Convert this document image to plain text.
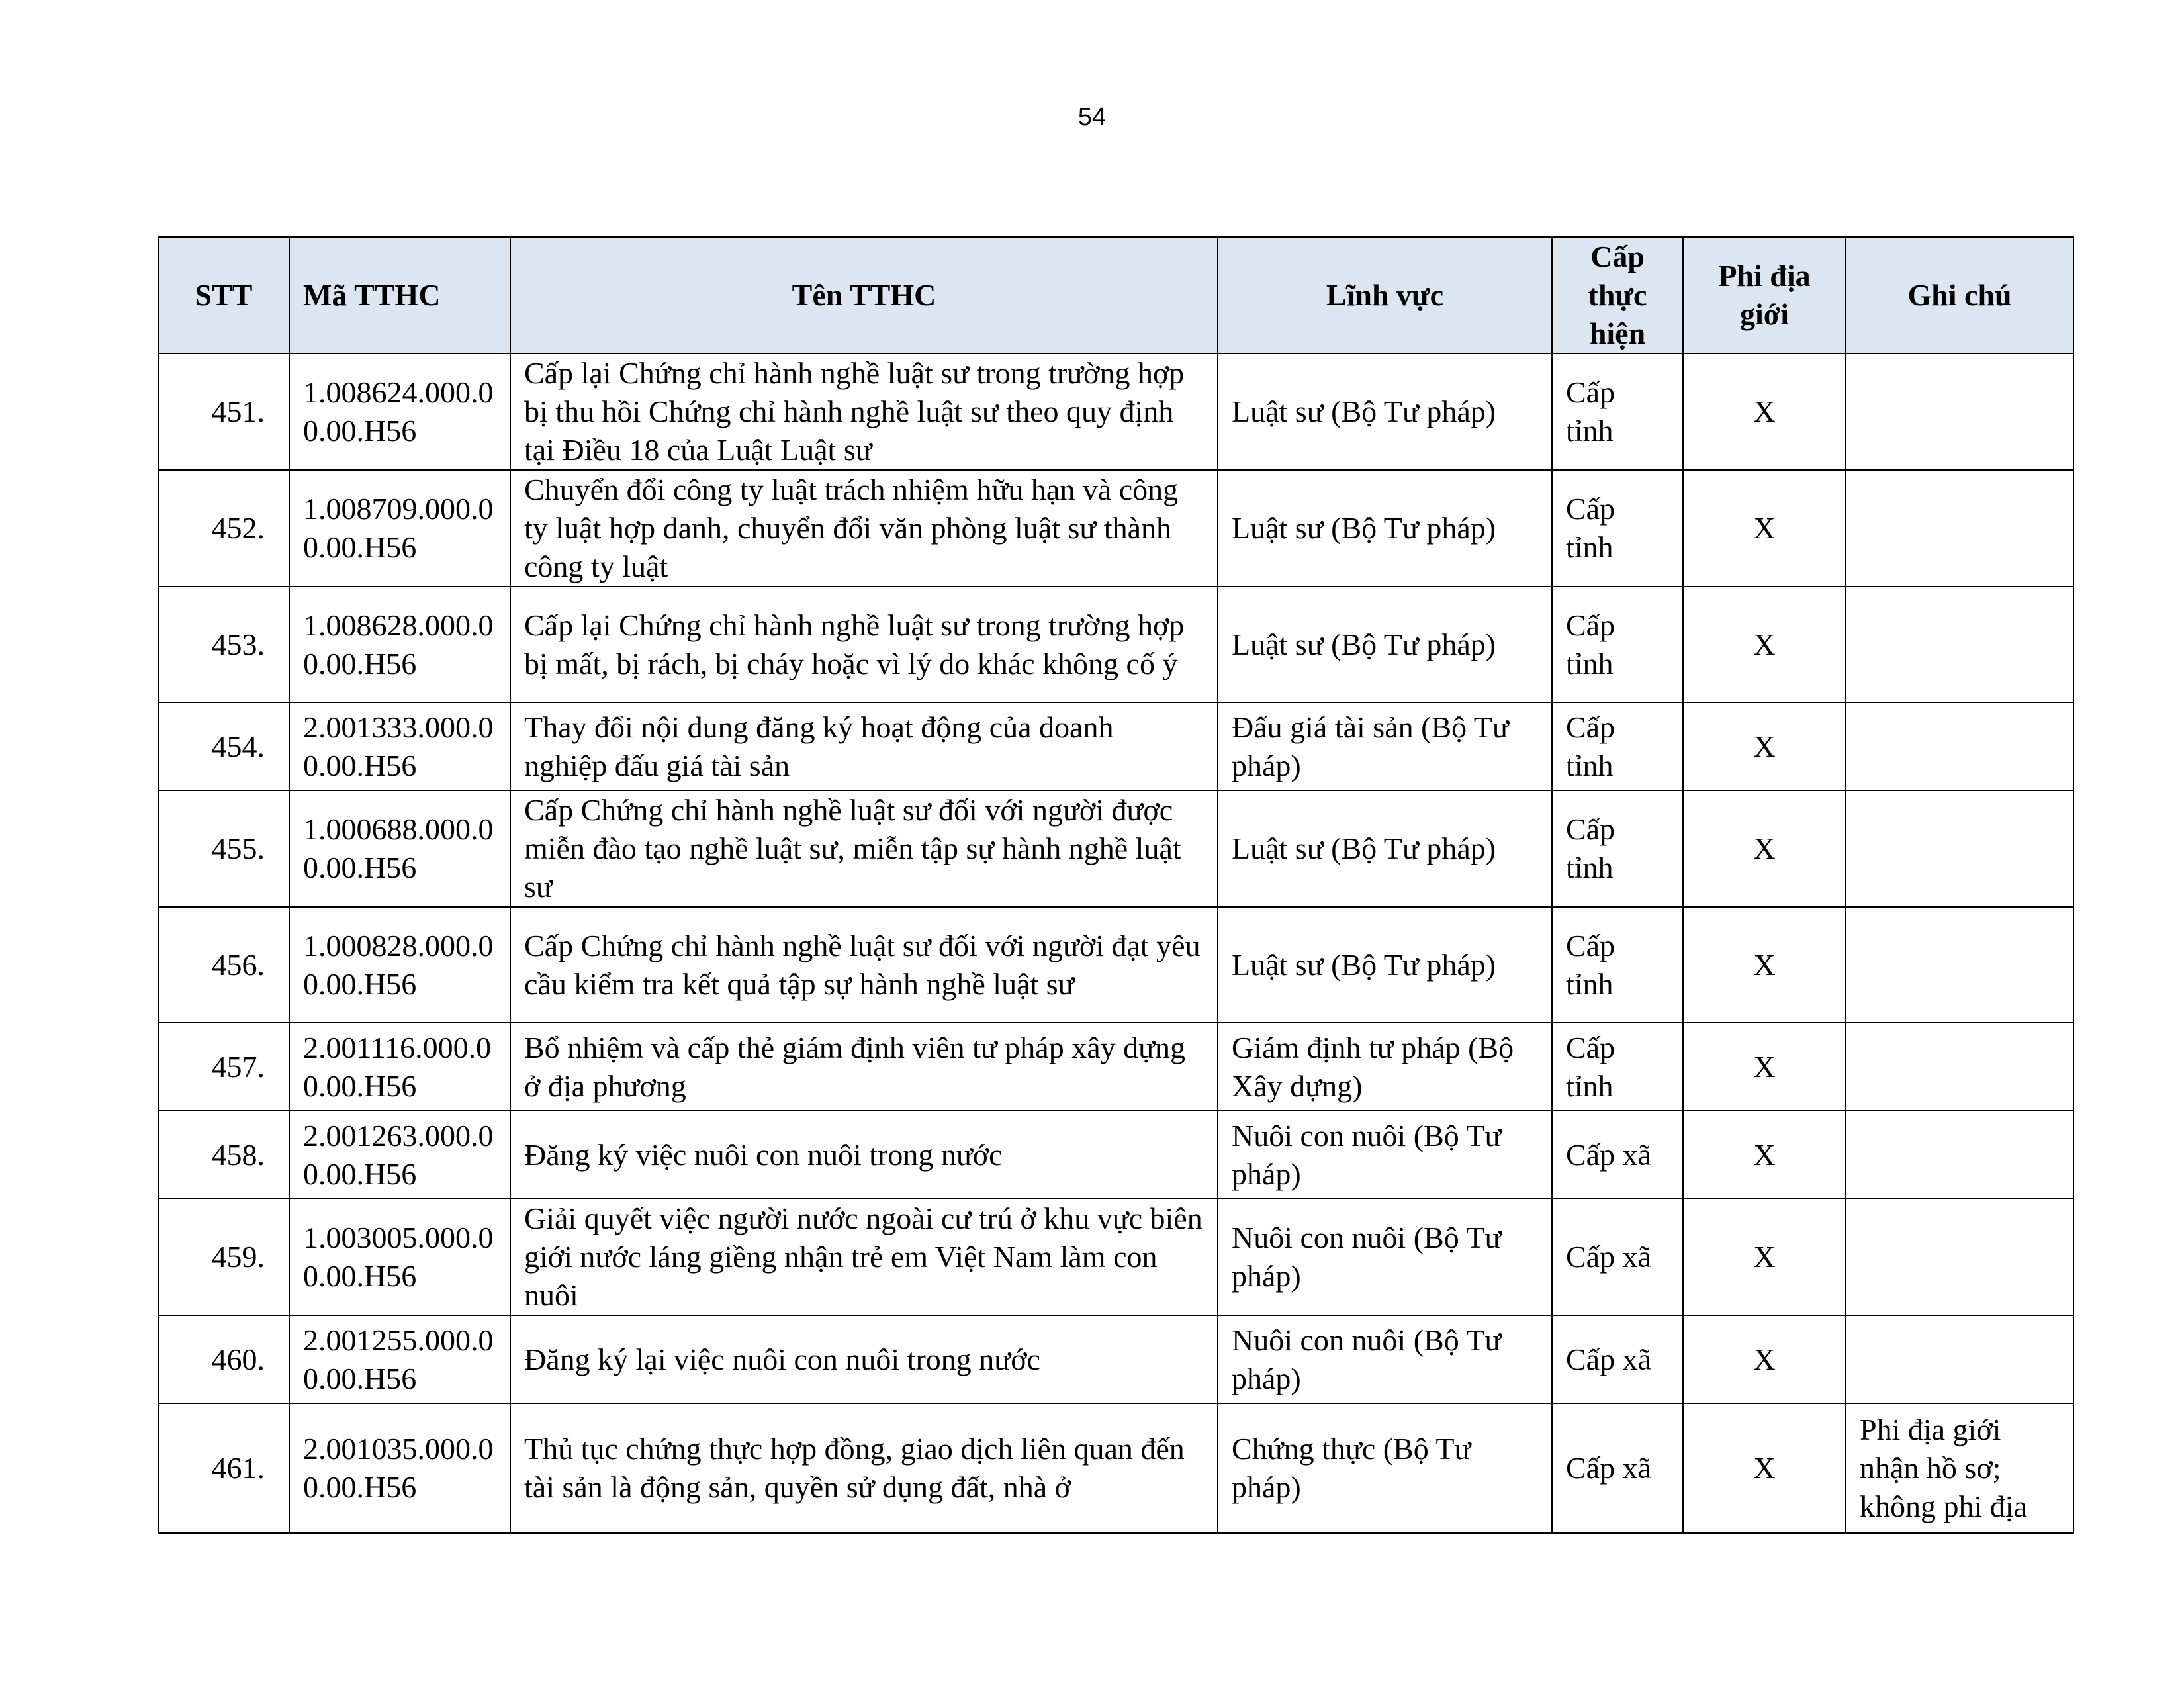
54
STT	Mã TTHC	Tên TTHC	Lĩnh vực	Cấp thực hiện	Phi địa giới	Ghi chú
451.	1.008624.000.00.00.H56	Cấp lại Chứng chỉ hành nghề luật sư trong trường hợp bị thu hồi Chứng chỉ hành nghề luật sư theo quy định tại Điều 18 của Luật Luật sư	Luật sư (Bộ Tư pháp)	Cấp tỉnh	X	
452.	1.008709.000.00.00.H56	Chuyển đổi công ty luật trách nhiệm hữu hạn và công ty luật hợp danh, chuyển đổi văn phòng luật sư thành công ty luật	Luật sư (Bộ Tư pháp)	Cấp tỉnh	X	
453.	1.008628.000.00.00.H56	Cấp lại Chứng chỉ hành nghề luật sư trong trường hợp bị mất, bị rách, bị cháy hoặc vì lý do khác không cố ý	Luật sư (Bộ Tư pháp)	Cấp tỉnh	X	
454.	2.001333.000.00.00.H56	Thay đổi nội dung đăng ký hoạt động của doanh nghiệp đấu giá tài sản	Đấu giá tài sản (Bộ Tư pháp)	Cấp tỉnh	X	
455.	1.000688.000.00.00.H56	Cấp Chứng chỉ hành nghề luật sư đối với người được miễn đào tạo nghề luật sư, miễn tập sự hành nghề luật sư	Luật sư (Bộ Tư pháp)	Cấp tỉnh	X	
456.	1.000828.000.00.00.H56	Cấp Chứng chỉ hành nghề luật sư đối với người đạt yêu cầu kiểm tra kết quả tập sự hành nghề luật sư	Luật sư (Bộ Tư pháp)	Cấp tỉnh	X	
457.	2.001116.000.00.00.H56	Bổ nhiệm và cấp thẻ giám định viên tư pháp xây dựng ở địa phương	Giám định tư pháp (Bộ Xây dựng)	Cấp tỉnh	X	
458.	2.001263.000.00.00.H56	Đăng ký việc nuôi con nuôi trong nước	Nuôi con nuôi (Bộ Tư pháp)	Cấp xã	X	
459.	1.003005.000.00.00.H56	Giải quyết việc người nước ngoài cư trú ở khu vực biên giới nước láng giềng nhận trẻ em Việt Nam làm con nuôi	Nuôi con nuôi (Bộ Tư pháp)	Cấp xã	X	
460.	2.001255.000.00.00.H56	Đăng ký lại việc nuôi con nuôi trong nước	Nuôi con nuôi (Bộ Tư pháp)	Cấp xã	X	
461.	2.001035.000.00.00.H56	Thủ tục chứng thực hợp đồng, giao dịch liên quan đến tài sản là động sản, quyền sử dụng đất, nhà ở	Chứng thực (Bộ Tư pháp)	Cấp xã	X	Phi địa giới nhận hồ sơ; không phi địa
